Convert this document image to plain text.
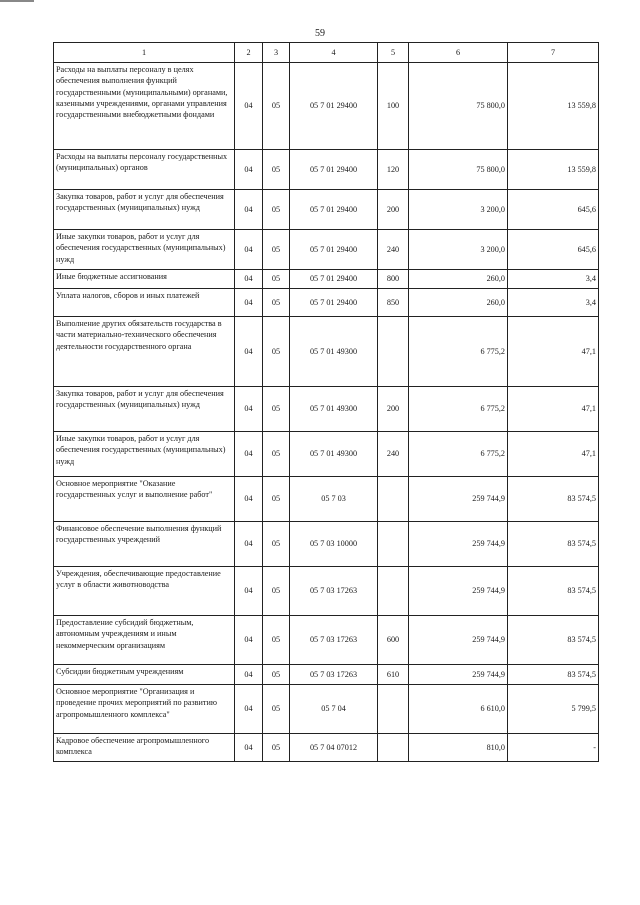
59
1	2	3	4	5	6	7
Расходы на выплаты персоналу в целях обеспечения выполнения функций государственными (муниципальными) органами, казенными учреждениями, органами управления государственными внебюджетными фондами	04	05	05 7 01 29400	100	75 800,0	13 559,8
Расходы на выплаты персоналу государственных (муниципальных) органов	04	05	05 7 01 29400	120	75 800,0	13 559,8
Закупка товаров, работ и услуг для обеспечения государственных (муниципальных) нужд	04	05	05 7 01 29400	200	3 200,0	645,6
Иные закупки товаров, работ и услуг для обеспечения государственных (муниципальных) нужд	04	05	05 7 01 29400	240	3 200,0	645,6
Иные бюджетные ассигнования	04	05	05 7 01 29400	800	260,0	3,4
Уплата налогов, сборов и иных платежей	04	05	05 7 01 29400	850	260,0	3,4
Выполнение других обязательств государства в части материально-технического обеспечения деятельности государственного органа	04	05	05 7 01 49300		6 775,2	47,1
Закупка товаров, работ и услуг для обеспечения государственных (муниципальных) нужд	04	05	05 7 01 49300	200	6 775,2	47,1
Иные закупки товаров, работ и услуг для обеспечения государственных (муниципальных) нужд	04	05	05 7 01 49300	240	6 775,2	47,1
Основное мероприятие "Оказание государственных услуг и выполнение работ"	04	05	05 7 03		259 744,9	83 574,5
Финансовое обеспечение выполнения функций государственных учреждений	04	05	05 7 03 10000		259 744,9	83 574,5
Учреждения, обеспечивающие предоставление услуг в области животноводства	04	05	05 7 03 17263		259 744,9	83 574,5
Предоставление субсидий бюджетным, автономным учреждениям и иным некоммерческим организациям	04	05	05 7 03 17263	600	259 744,9	83 574,5
Субсидии бюджетным учреждениям	04	05	05 7 03 17263	610	259 744,9	83 574,5
Основное мероприятие "Организация и проведение прочих мероприятий по развитию агропромышленного комплекса"	04	05	05 7 04		6 610,0	5 799,5
Кадровое обеспечение агропромышленного комплекса	04	05	05 7 04 07012		810,0	-
